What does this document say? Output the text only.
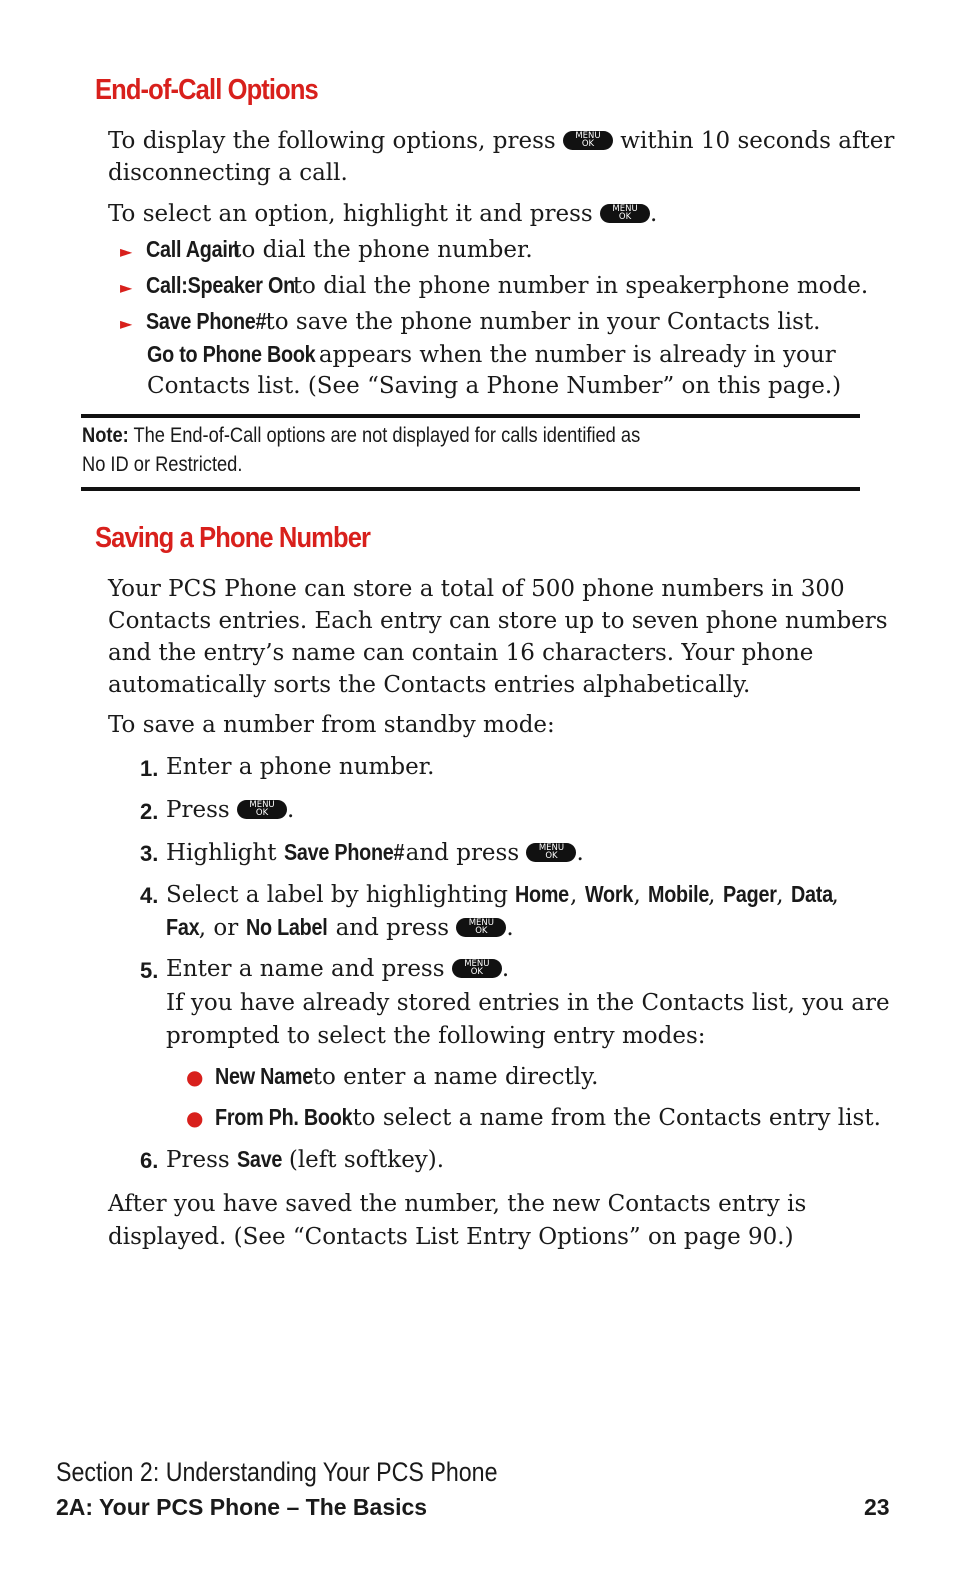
End-of-Call Options
To display the following options, press	MENU
OK	within 10 seconds after
disconnecting a call.
To select an option, highlight it and press	MENU
OK .
► Call Againto dial the phone number.
► Call:Speaker Onto dial the phone number in speakerphone mode.
► Save Phone#to save the phone number in your Contacts list.
Go to Phone Book appears when the number is already in your
Contacts list. (See “Saving a Phone Number” on this page.)
Note: The End-of-Call options are not displayed for calls identified as
No ID or Restricted.
Saving a Phone Number
Your PCS Phone can store a total of 500 phone numbers in 300
Contacts entries. Each entry can store up to seven phone numbers
and the entry’s name can contain 16 characters. Your phone
automatically sorts the Contacts entries alphabetically.
To save a number from standby mode:
1. Enter a phone number.
2. Press	MENU
OK .
3. Highlight Save Phone#and press	MENU
OK .
4. Select a label by highlighting Home, Work, Mobile, Pager, Data,
Fax, or No Label and press	MENU
OK .
5. Enter a name and press	MENU
OK .
If you have already stored entries in the Contacts list, you are
prompted to select the following entry modes:
● New Nameto enter a name directly.
● From Ph. Bookto select a name from the Contacts entry list.
6. Press Save (left softkey).
After you have saved the number, the new Contacts entry is
displayed. (See “Contacts List Entry Options” on page 90.)
Section 2: Understanding Your PCS Phone
2A: Your PCS Phone – The Basics	23
